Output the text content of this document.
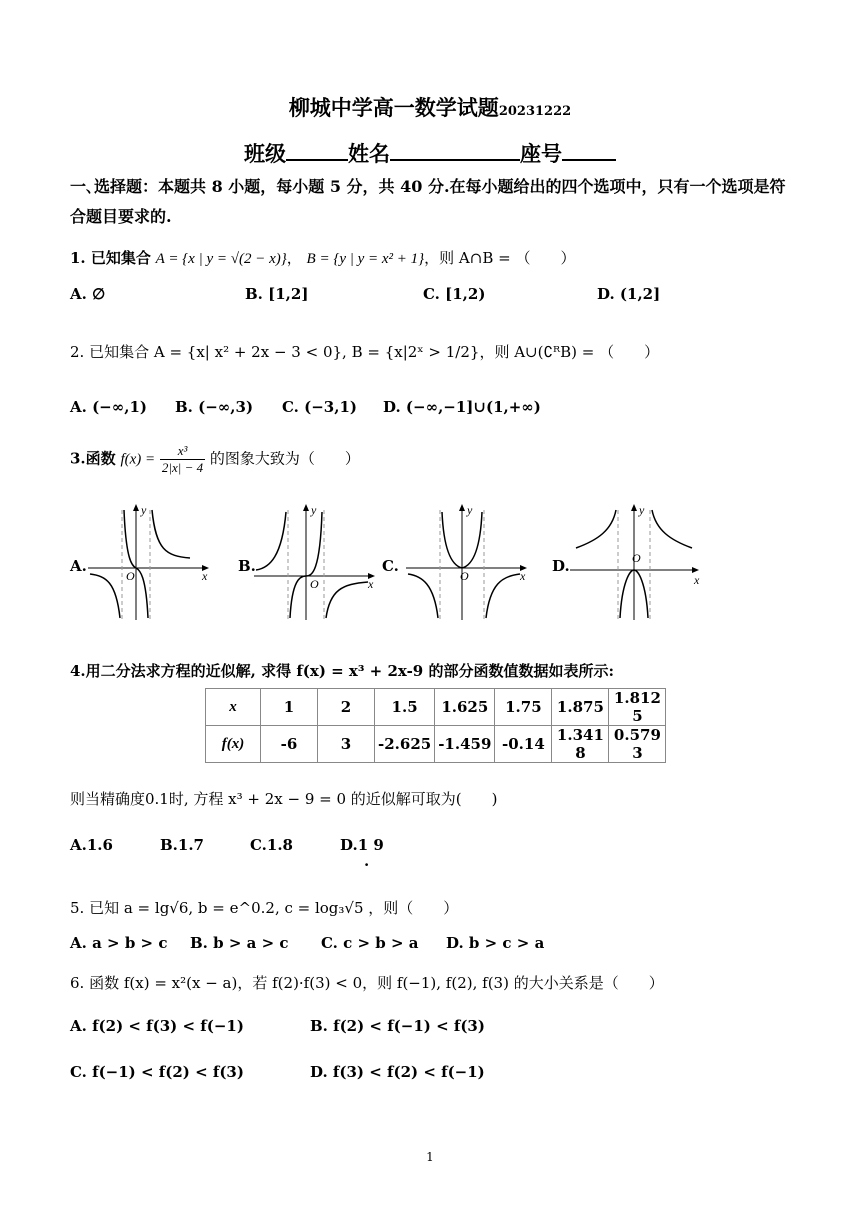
柳城中学高一数学试题20231222
班级	姓名	座号
一､选择题：本题共 8 小题，每小题 5 分，共 40 分.在每小题给出的四个选项中，只有一个选项是符合题目要求的.
1. 已知集合 A = {x | y = √(2 − x)}， B = {y | y = x² + 1}，则 A∩B = （　　）
A. ∅	B. [1,2]	C. [1,2)	D. (1,2]
2. 已知集合 A = {x| x² + 2x − 3 < 0}, B = {x|2ˣ > 1/2}，则 A∪(∁ᴿB) = （　　）
A. (−∞,1) B. (−∞,3) C. (−3,1) D. (−∞,−1]∪(1,+∞)
3.函数 $f(x) = \frac{\text{x³}}{2|x| - 4}$ 的图象大致为（　　）
A.	B.	C.	D.
O	x
y
O	x
y
O	x
y
O
x
y
4.用二分法求方程的近似解, 求得 f(x) = x³ + 2x-9 的部分函数值数据如表所示:
x	1	2	1.5	1.625	1.75	1.875	1.812 5
f(x)	-6	3	-2.625	-1.459	-0.14	1.341 8	0.579 3
则当精确度0.1时, 方程 x³ + 2x − 9 = 0 的近似解可取为(　　)
A.1.6	B.1.7	C.1.8	D.1 9
.
5. 已知 a = lg√6, b = e^0.2, c = log₃√5 ，则（　　）
A. a > b > c B. b > a > c C. c > b > a D. b > c > a
6. 函数 f(x) = x²(x − a)，若 f(2)·f(3) < 0，则 f(−1), f(2), f(3) 的大小关系是（　　）
A. f(2) < f(3) < f(−1)	B. f(2) < f(−1) < f(3)
C. f(−1) < f(2) < f(3)	D. f(3) < f(2) < f(−1)
1
